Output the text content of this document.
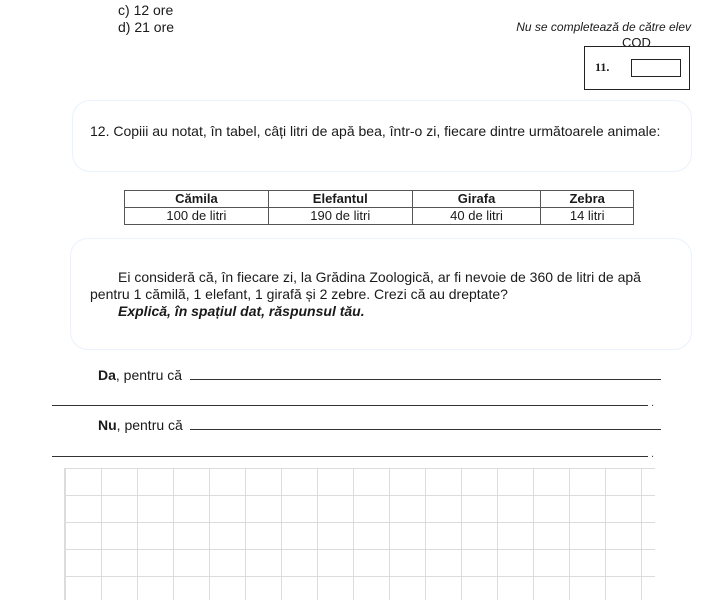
c) 12 ore
d) 21 ore	Nu se completează de către elev
COD
11.
12. Copiii au notat, în tabel, câți litri de apă bea, într-o zi, fiecare dintre următoarele animale:
Cămila	Elefantul	Girafa	Zebra
100 de litri	190 de litri	40 de litri	14 litri
Ei consideră că, în fiecare zi, la Grădina Zoologică, ar fi nevoie de 360 de litri de apă
pentru 1 cămilă, 1 elefant, 1 girafă și 2 zebre. Crezi că au dreptate?
Explică, în spațiul dat, răspunsul tău.
Da, pentru că
.
Nu, pentru că
.
